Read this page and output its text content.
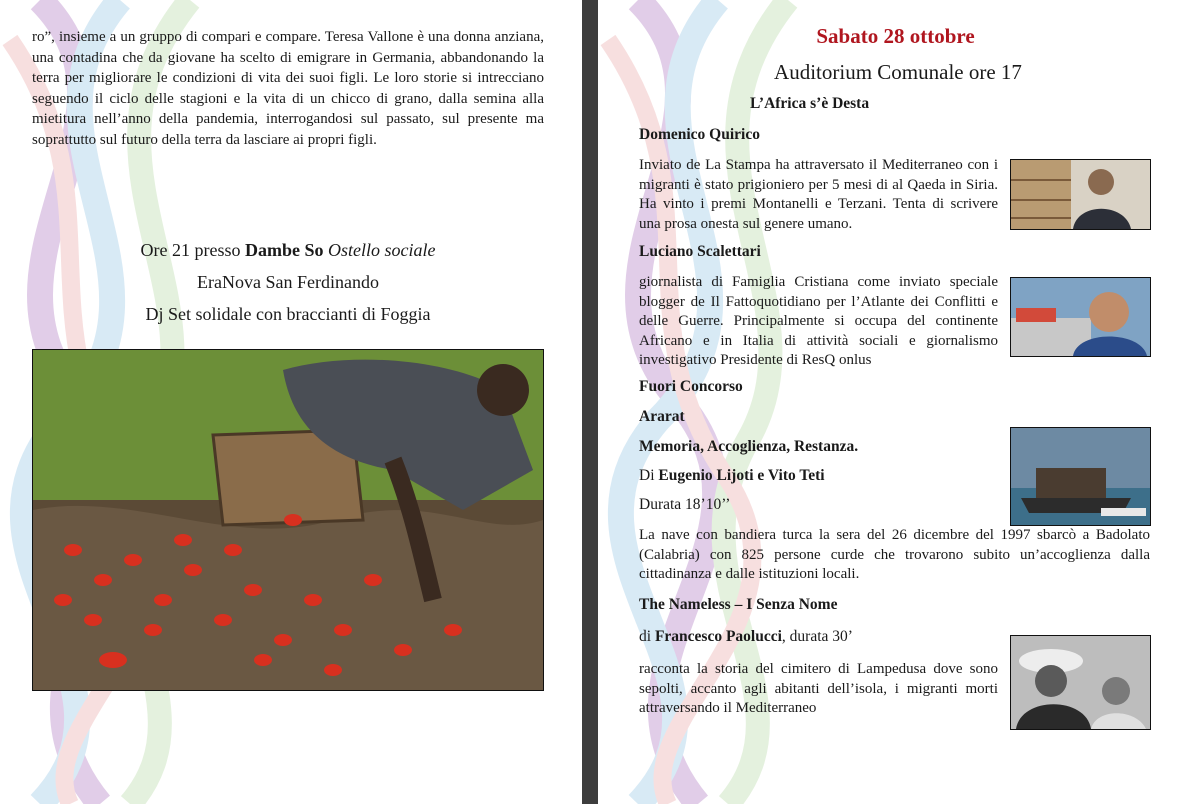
ro”, insieme a un gruppo di compari e compare. Teresa Vallone è una donna anziana, una contadina che da giovane ha scelto di emigrare in Germania, abbandonando la terra per migliorare le condizioni di vita dei suoi figli. Le loro storie si intrecciano seguendo il ciclo delle stagioni e la vita di un chicco di grano, dalla semina alla mietitura nell’anno della pandemia, interrogandosi sul passato, sul presente ma soprattutto sul futuro della terra da lasciare ai propri figli.
Ore 21 presso Dambe So Ostello sociale
EraNova San Ferdinando
Dj Set solidale con braccianti di Foggia
Sabato 28 ottobre
Auditorium Comunale ore 17
L’Africa s’è Desta
Domenico Quirico
Inviato de La Stampa ha attraversato il Mediterraneo con i migranti è stato prigioniero per 5 mesi di al Qaeda in Siria. Ha vinto i premi Montanelli e Terzani. Tenta di scrivere una prosa onesta sul genere umano.
Luciano Scalettari
giornalista di Famiglia Cristiana come inviato speciale blogger de Il Fattoquotidiano per l’Atlante dei Conflitti e delle Guerre. Principalmente si occupa del continente Africano e in Italia di attività sociali e giornalismo investigativo Presidente di ResQ onlus
Fuori Concorso
Ararat
Memoria, Accoglienza, Restanza.
Di Eugenio Lijoti e Vito Teti
Durata 18’10’’
La nave con bandiera turca la sera del 26 dicembre del 1997 sbarcò a Badolato (Calabria) con 825 persone curde che trovarono subito un’accoglienza dalla cittadinanza e dalle istituzioni locali.
The Nameless – I Senza Nome
di Francesco Paolucci, durata 30’
racconta la storia del cimitero di Lampedusa dove sono sepolti, accanto agli abitanti dell’isola, i migranti morti attraversando il Mediterraneo
